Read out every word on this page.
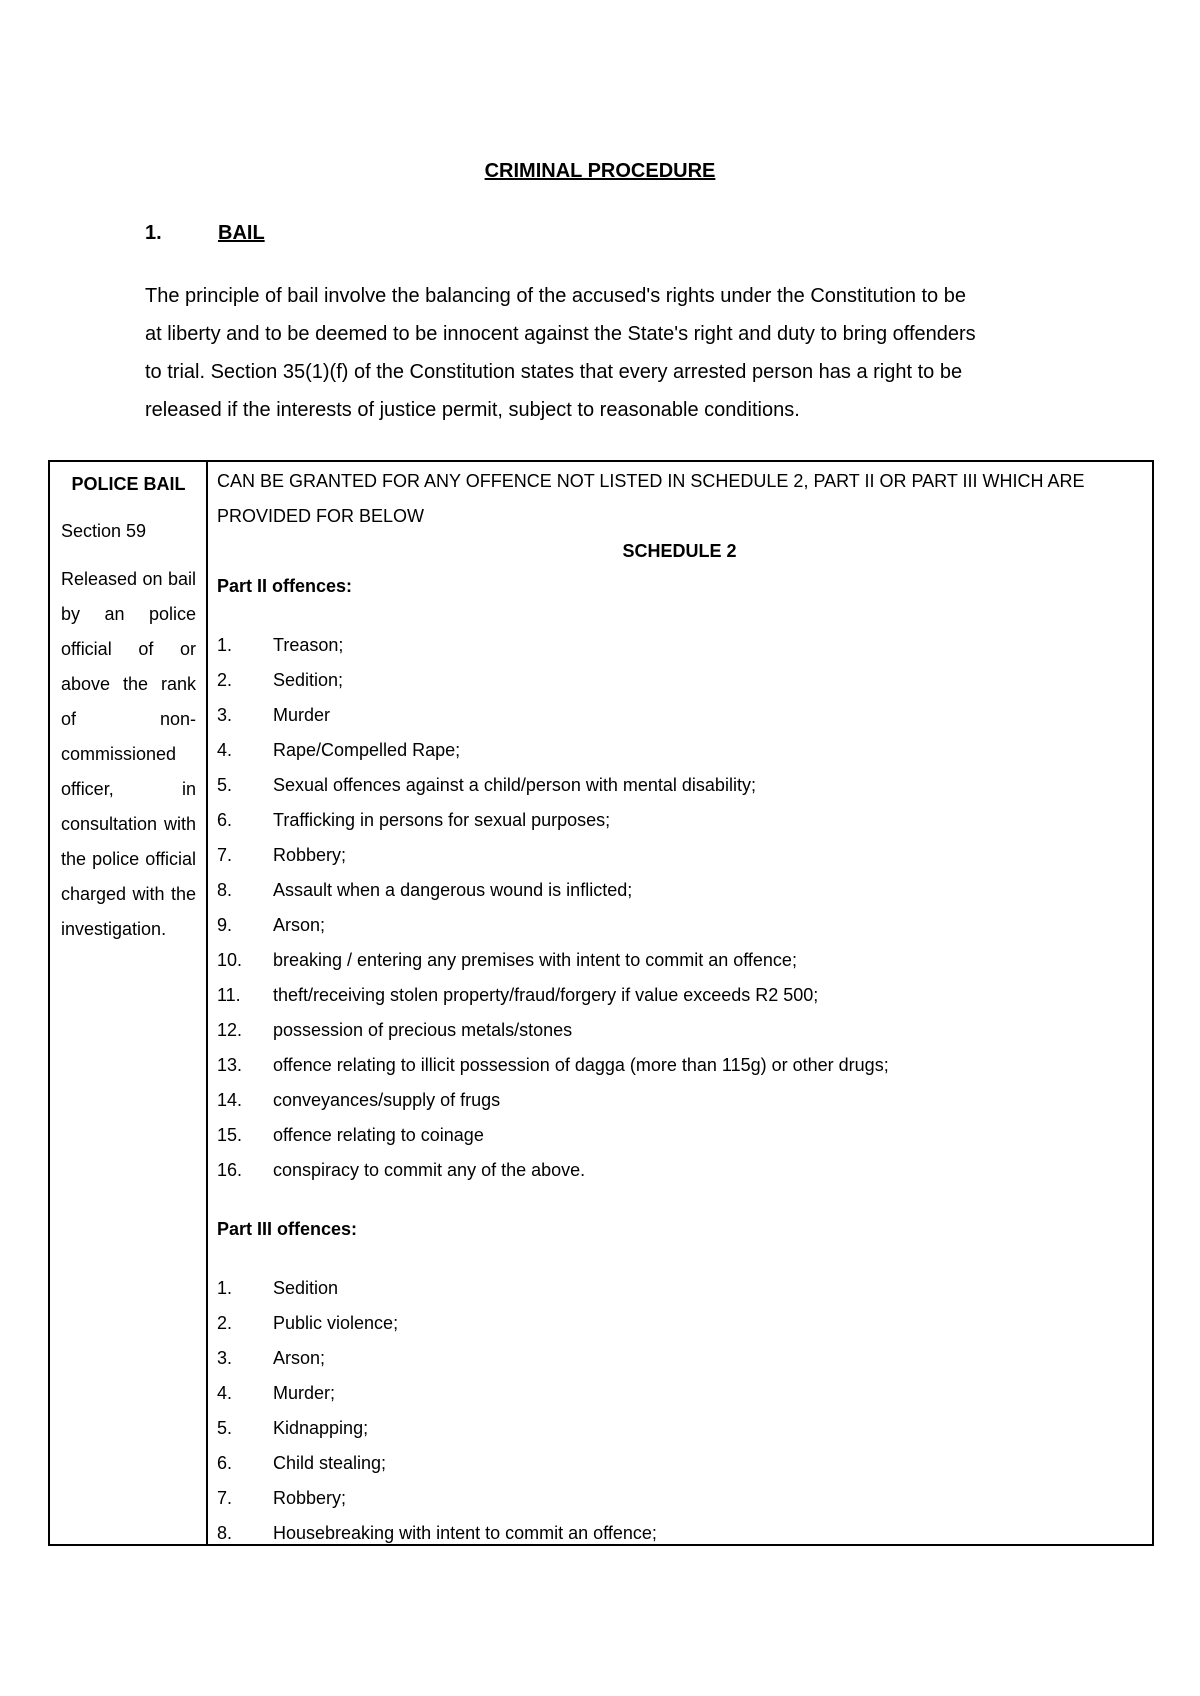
CRIMINAL PROCEDURE
1.	BAIL

The principle of bail involve the balancing of the accused's rights under the Constitution to be

at liberty and to be deemed to be innocent against the State's right and duty to bring offenders

to trial. Section 35(1)(f) of the Constitution states that every arrested person has a right to be

released if the interests of justice permit, subject to reasonable conditions.

POLICE BAIL
Section 59
Released on bail by an police official of or above the rank of non-commissioned officer, in consultation with the police official charged with the investigation.

CAN BE GRANTED FOR ANY OFFENCE NOT LISTED IN SCHEDULE 2, PART II OR PART III WHICH ARE PROVIDED FOR BELOW

SCHEDULE 2

Part II offences:

1. Treason;
2. Sedition;
3. Murder
4. Rape/Compelled Rape;
5. Sexual offences against a child/person with mental disability;
6. Trafficking in persons for sexual purposes;
7. Robbery;
8. Assault when a dangerous wound is inflicted;
9. Arson;
10. breaking / entering any premises with intent to commit an offence;
11. theft/receiving stolen property/fraud/forgery if value exceeds R2 500;
12. possession of precious metals/stones
13. offence relating to illicit possession of dagga (more than 115g) or other drugs;
14. conveyances/supply of frugs
15. offence relating to coinage
16. conspiracy to commit any of the above.

Part III offences:

1. Sedition
2. Public violence;
3. Arson;
4. Murder;
5. Kidnapping;
6. Child stealing;
7. Robbery;
8. Housebreaking with intent to commit an offence;
